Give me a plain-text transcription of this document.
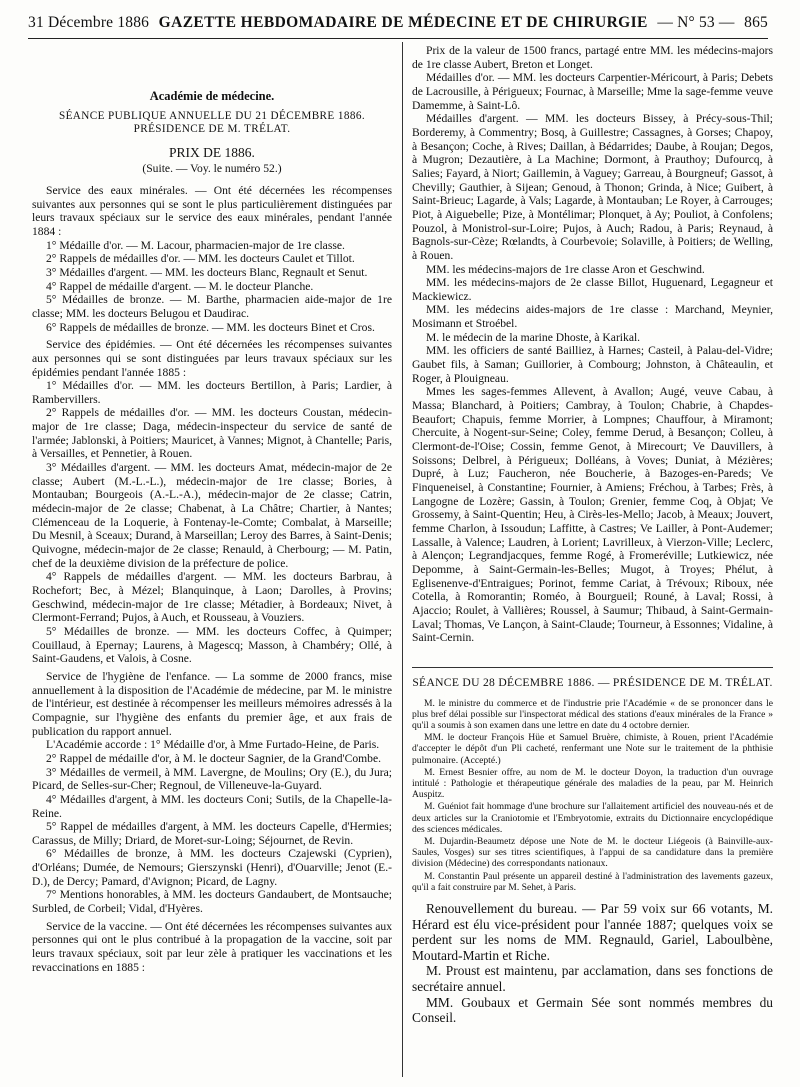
31 Décembre 1886 GAZETTE HEBDOMADAIRE DE MÉDECINE ET DE CHIRURGIE — N° 53 — 865

Académie de médecine.

SÉANCE PUBLIQUE ANNUELLE DU 21 DÉCEMBRE 1886.

PRÉSIDENCE DE M. TRÉLAT.

PRIX DE 1886.

(Suite. — Voy. le numéro 52.)

Service des eaux minérales. — Ont été décernées les récompenses suivantes aux personnes qui se sont le plus particulièrement distinguées par leurs travaux spéciaux sur le service des eaux minérales, pendant l'année 1884 :

1° Médaille d'or. — M. Lacour, pharmacien-major de 1re classe.

2° Rappels de médailles d'or. — MM. les docteurs Caulet et Tillot.

3° Médailles d'argent. — MM. les docteurs Blanc, Regnault et Senut.

4° Rappel de médaille d'argent. — M. le docteur Planche.

5° Médailles de bronze. — M. Barthe, pharmacien aide-major de 1re classe; MM. les docteurs Belugou et Daudirac.

6° Rappels de médailles de bronze. — MM. les docteurs Binet et Cros.

Service des épidémies. — Ont été décernées les récompenses suivantes aux personnes qui se sont distinguées par leurs travaux spéciaux sur les épidémies pendant l'année 1885 :

1° Médailles d'or. — MM. les docteurs Bertillon, à Paris; Lardier, à Rambervillers.

2° Rappels de médailles d'or. — MM. les docteurs Coustan, médecin-major de 1re classe; Daga, médecin-inspecteur du service de santé de l'armée; Jablonski, à Poitiers; Mauricet, à Vannes; Mignot, à Chantelle; Paris, à Versailles, et Pennetier, à Rouen.

3° Médailles d'argent. — MM. les docteurs Amat, médecin-major de 2e classe; Aubert (M.-L.-L.), médecin-major de 1re classe; Bories, à Montauban; Bourgeois (A.-L.-A.), médecin-major de 2e classe; Catrin, médecin-major de 2e classe; Chabenat, à La Châtre; Chartier, à Nantes; Clémenceau de la Loquerie, à Fontenay-le-Comte; Combalat, à Marseille; Du Mesnil, à Sceaux; Durand, à Marseillan; Leroy des Barres, à Saint-Denis; Quivogne, médecin-major de 2e classe; Renauld, à Cherbourg; — M. Patin, chef de la deuxième division de la préfecture de police.

4° Rappels de médailles d'argent. — MM. les docteurs Barbrau, à Rochefort; Bec, à Mézel; Blanquinque, à Laon; Darolles, à Provins; Geschwind, médecin-major de 1re classe; Métadier, à Bordeaux; Nivet, à Clermont-Ferrand; Pujos, à Auch, et Rousseau, à Vouziers.

5° Médailles de bronze. — MM. les docteurs Coffec, à Quimper; Couillaud, à Epernay; Laurens, à Magescq; Masson, à Chambéry; Ollé, à Saint-Gaudens, et Valois, à Cosne.

Service de l'hygiène de l'enfance. — La somme de 2000 francs, mise annuellement à la disposition de l'Académie de médecine, par M. le ministre de l'intérieur, est destinée à récompenser les meilleurs mémoires adressés à la Compagnie, sur l'hygiène des enfants du premier âge, et aux frais de publication du rapport annuel.

L'Académie accorde : 1° Médaille d'or, à Mme Furtado-Heine, de Paris.

2° Rappel de médaille d'or, à M. le docteur Sagnier, de la Grand'Combe.

3° Médailles de vermeil, à MM. Lavergne, de Moulins; Ory (E.), du Jura; Picard, de Selles-sur-Cher; Regnoul, de Villeneuve-la-Guyard.

4° Médailles d'argent, à MM. les docteurs Coni; Sutils, de la Chapelle-la-Reine.

5° Rappel de médailles d'argent, à MM. les docteurs Capelle, d'Hermies; Carassus, de Milly; Driard, de Moret-sur-Loing; Séjournet, de Revin.

6° Médailles de bronze, à MM. les docteurs Czajewski (Cyprien), d'Orléans; Dumée, de Nemours; Gierszynski (Henri), d'Ouarville; Jenot (E.-D.), de Dercy; Pamard, d'Avignon; Picard, de Lagny.

7° Mentions honorables, à MM. les docteurs Gandaubert, de Montsauche; Surbled, de Corbeil; Vidal, d'Hyères.

Service de la vaccine. — Ont été décernées les récompenses suivantes aux personnes qui ont le plus contribué à la propagation de la vaccine, soit par leurs travaux spéciaux, soit par leur zèle à pratiquer les vaccinations et les revaccinations en 1885 :

Prix de la valeur de 1500 francs, partagé entre MM. les médecins-majors de 1re classe Aubert, Breton et Longet.

Médailles d'or. — MM. les docteurs Carpentier-Méricourt, à Paris; Debets de Lacrousille, à Périgueux; Fournac, à Marseille; Mme la sage-femme veuve Damemme, à Saint-Lô.

Médailles d'argent. — MM. les docteurs Bissey, à Précy-sous-Thil; Borderemy, à Commentry; Bosq, à Guillestre; Cassagnes, à Gorses; Chapoy, à Besançon; Coche, à Rives; Daillan, à Bédarrides; Daube, à Roujan; Degos, à Mugron; Dezautière, à La Machine; Dormont, à Prauthoy; Dufourcq, à Salies; Fayard, à Niort; Gaillemin, à Vaguey; Garreau, à Bourgneuf; Gassot, à Chevilly; Gauthier, à Sijean; Genoud, à Thonon; Grinda, à Nice; Guibert, à Saint-Brieuc; Lagarde, à Vals; Lagarde, à Montauban; Le Royer, à Carrouges; Piot, à Aiguebelle; Pize, à Montélimar; Plonquet, à Ay; Pouliot, à Confolens; Pouzol, à Monistrol-sur-Loire; Pujos, à Auch; Radou, à Paris; Reynaud, à Bagnols-sur-Cèze; Rœlandts, à Courbevoie; Solaville, à Poitiers; de Welling, à Rouen.

MM. les médecins-majors de 1re classe Aron et Geschwind.

MM. les médecins-majors de 2e classe Billot, Huguenard, Legagneur et Mackiewicz.

MM. les médecins aides-majors de 1re classe : Marchand, Meynier, Mosimann et Stroébel.

M. le médecin de la marine Dhoste, à Karikal.

MM. les officiers de santé Bailliez, à Harnes; Casteil, à Palau-del-Vidre; Gaubet fils, à Saman; Guillorier, à Combourg; Johnston, à Châteaulin, et Roger, à Plouigneau.

Mmes les sages-femmes Allevent, à Avallon; Augé, veuve Cabau, à Massa; Blanchard, à Poitiers; Cambray, à Toulon; Chabrie, à Chapdes-Beaufort; Chapuis, femme Morrier, à Lompnes; Chauffour, à Miramont; Chercuite, à Nogent-sur-Seine; Coley, femme Derud, à Besançon; Colleu, à Clermont-de-l'Oise; Cossin, femme Genot, à Mirecourt; Ve Dauvillers, à Soissons; Delbrel, à Périgueux; Dolléans, à Voves; Duniat, à Mézières; Dupré, à Luz; Faucheron, née Boucherie, à Bazoges-en-Pareds; Ve Finqueneisel, à Constantine; Fournier, à Amiens; Fréchou, à Tarbes; Frès, à Langogne de Lozère; Gassin, à Toulon; Grenier, femme Coq, à Objat; Ve Grossemy, à Saint-Quentin; Heu, à Cirès-les-Mello; Jacob, à Meaux; Jouvert, femme Charlon, à Issoudun; Laffitte, à Castres; Ve Lailler, à Pont-Audemer; Lassalle, à Valence; Laudren, à Lorient; Lavrilleux, à Vierzon-Ville; Leclerc, à Alençon; Legrandjacques, femme Rogé, à Fromeréville; Lutkiewicz, née Depomme, à Saint-Germain-les-Belles; Mugot, à Troyes; Phélut, à Eglisenenve-d'Entraigues; Porinot, femme Cariat, à Trévoux; Riboux, née Cotella, à Romorantin; Roméo, à Bourgueil; Rouné, à Laval; Rossi, à Ajaccio; Roulet, à Vallières; Roussel, à Saumur; Thibaud, à Saint-Germain-Laval; Thomas, Ve Lançon, à Saint-Claude; Tourneur, à Essonnes; Vidaline, à Saint-Cernin.

SÉANCE DU 28 DÉCEMBRE 1886. — PRÉSIDENCE DE M. TRÉLAT.

M. le ministre du commerce et de l'industrie prie l'Académie « de se prononcer dans le plus bref délai possible sur l'inspectorat médical des stations d'eaux minérales de la France » qu'il a soumis à son examen dans une lettre en date du 4 octobre dernier.

MM. le docteur François Hüe et Samuel Bruère, chimiste, à Rouen, prient l'Académie d'accepter le dépôt d'un Pli cacheté, renfermant une Note sur le traitement de la phthisie pulmonaire. (Accepté.)

M. Ernest Besnier offre, au nom de M. le docteur Doyon, la traduction d'un ouvrage intitulé : Pathologie et thérapeutique générale des maladies de la peau, par M. Heinrich Auspitz.

M. Guéniot fait hommage d'une brochure sur l'allaitement artificiel des nouveau-nés et de deux articles sur la Craniotomie et l'Embryotomie, extraits du Dictionnaire encyclopédique des sciences médicales.

M. Dujardin-Beaumetz dépose une Note de M. le docteur Liégeois (à Bainville-aux-Saules, Vosges) sur ses titres scientifiques, à l'appui de sa candidature dans la première division (Médecine) des correspondants nationaux.

M. Constantin Paul présente un appareil destiné à l'administration des lavements gazeux, qu'il a fait construire par M. Sehet, à Paris.

Renouvellement du bureau. — Par 59 voix sur 66 votants, M. Hérard est élu vice-président pour l'année 1887; quelques voix se perdent sur les noms de MM. Regnauld, Gariel, Laboulbène, Moutard-Martin et Riche.

M. Proust est maintenu, par acclamation, dans ses fonctions de secrétaire annuel.

MM. Goubaux et Germain Sée sont nommés membres du Conseil.
